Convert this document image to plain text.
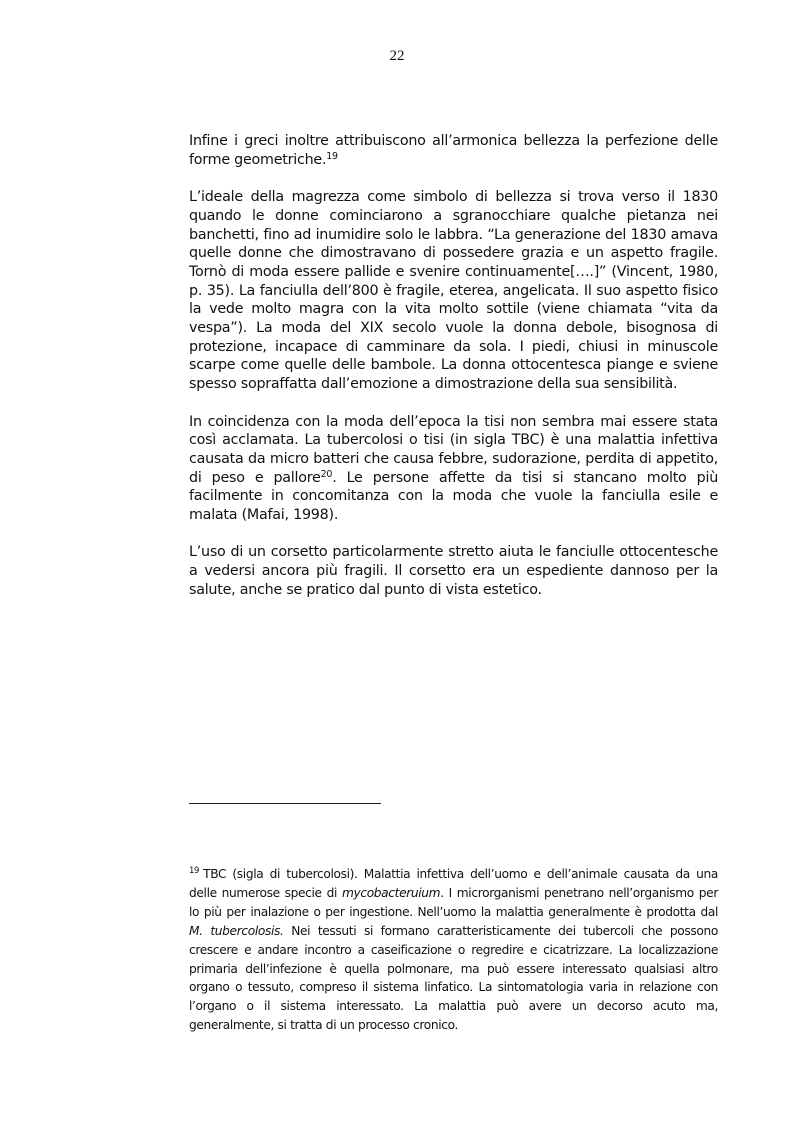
22

Infine i greci inoltre attribuiscono all’armonica bellezza la perfezione delle forme geometriche.$^{19}$

L’ideale della magrezza come simbolo di bellezza si trova verso il 1830 quando le donne cominciarono a sgranocchiare qualche pietanza nei banchetti, fino ad inumidire solo le labbra. “La generazione del 1830 amava quelle donne che dimostravano di possedere grazia e un aspetto fragile. Tornò di moda essere pallide e svenire continuamente[….]” (Vincent, 1980, p. 35). La fanciulla dell’800 è fragile, eterea, angelicata. Il suo aspetto fisico la vede molto magra con la vita molto sottile (viene chiamata “vita da vespa”). La moda del XIX secolo vuole la donna debole, bisognosa di protezione, incapace di camminare da sola. I piedi, chiusi in minuscole scarpe come quelle delle bambole. La donna ottocentesca piange e sviene spesso sopraffatta dall’emozione a dimostrazione della sua sensibilità.

In coincidenza con la moda dell’epoca la tisi non sembra mai essere stata così acclamata. La tubercolosi o tisi (in sigla TBC) è una malattia infettiva causata da micro batteri che causa febbre, sudorazione, perdita di appetito, di peso e pallore$^{20}$. Le persone affette da tisi si stancano molto più facilmente in concomitanza con la moda che vuole la fanciulla esile e malata (Mafai, 1998).

L’uso di un corsetto particolarmente stretto aiuta le fanciulle ottocentesche a vedersi ancora più fragili. Il corsetto era un espediente dannoso per la salute, anche se pratico dal punto di vista estetico.

$^{19}$ TBC (sigla di tubercolosi). Malattia infettiva dell’uomo e dell’animale causata da una delle numerose specie di mycobacteruium. I microrganismi penetrano nell’organismo per lo più per inalazione o per ingestione. Nell’uomo la malattia generalmente è prodotta dal M. tubercolosis. Nei tessuti si formano caratteristicamente dei tubercoli che possono crescere e andare incontro a caseificazione o regredire e cicatrizzare. La localizzazione primaria dell’infezione è quella polmonare, ma può essere interessato qualsiasi altro organo o tessuto, compreso il sistema linfatico. La sintomatologia varia in relazione con l’organo o il sistema interessato. La malattia può avere un decorso acuto ma, generalmente, si tratta di un processo cronico.
